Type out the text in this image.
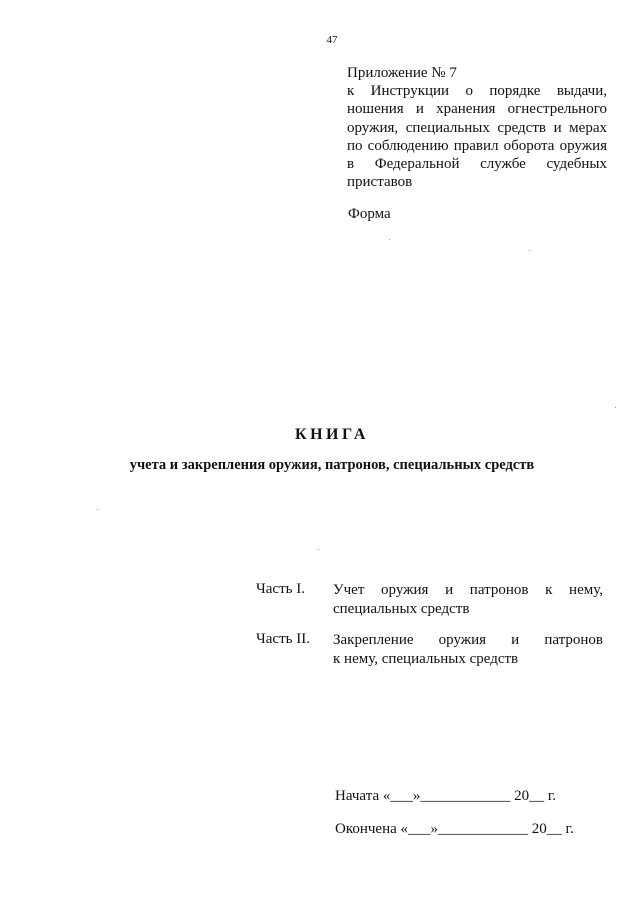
47
Приложение № 7
к Инструкции о порядке выдачи, ношения и хранения огнестрельного оружия, специальных средств и мерах по соблюдению правил оборота оружия в Федеральной службе судебных
приставов
Форма
КНИГА
учета и закрепления оружия, патронов, специальных средств
Часть I. Учет оружия и патронов к нему,
специальных средств
Часть II. Закрепление оружия и патронов
к нему, специальных средств
Начата «___»____________ 20__ г.
Окончена «___»____________ 20__ г.
